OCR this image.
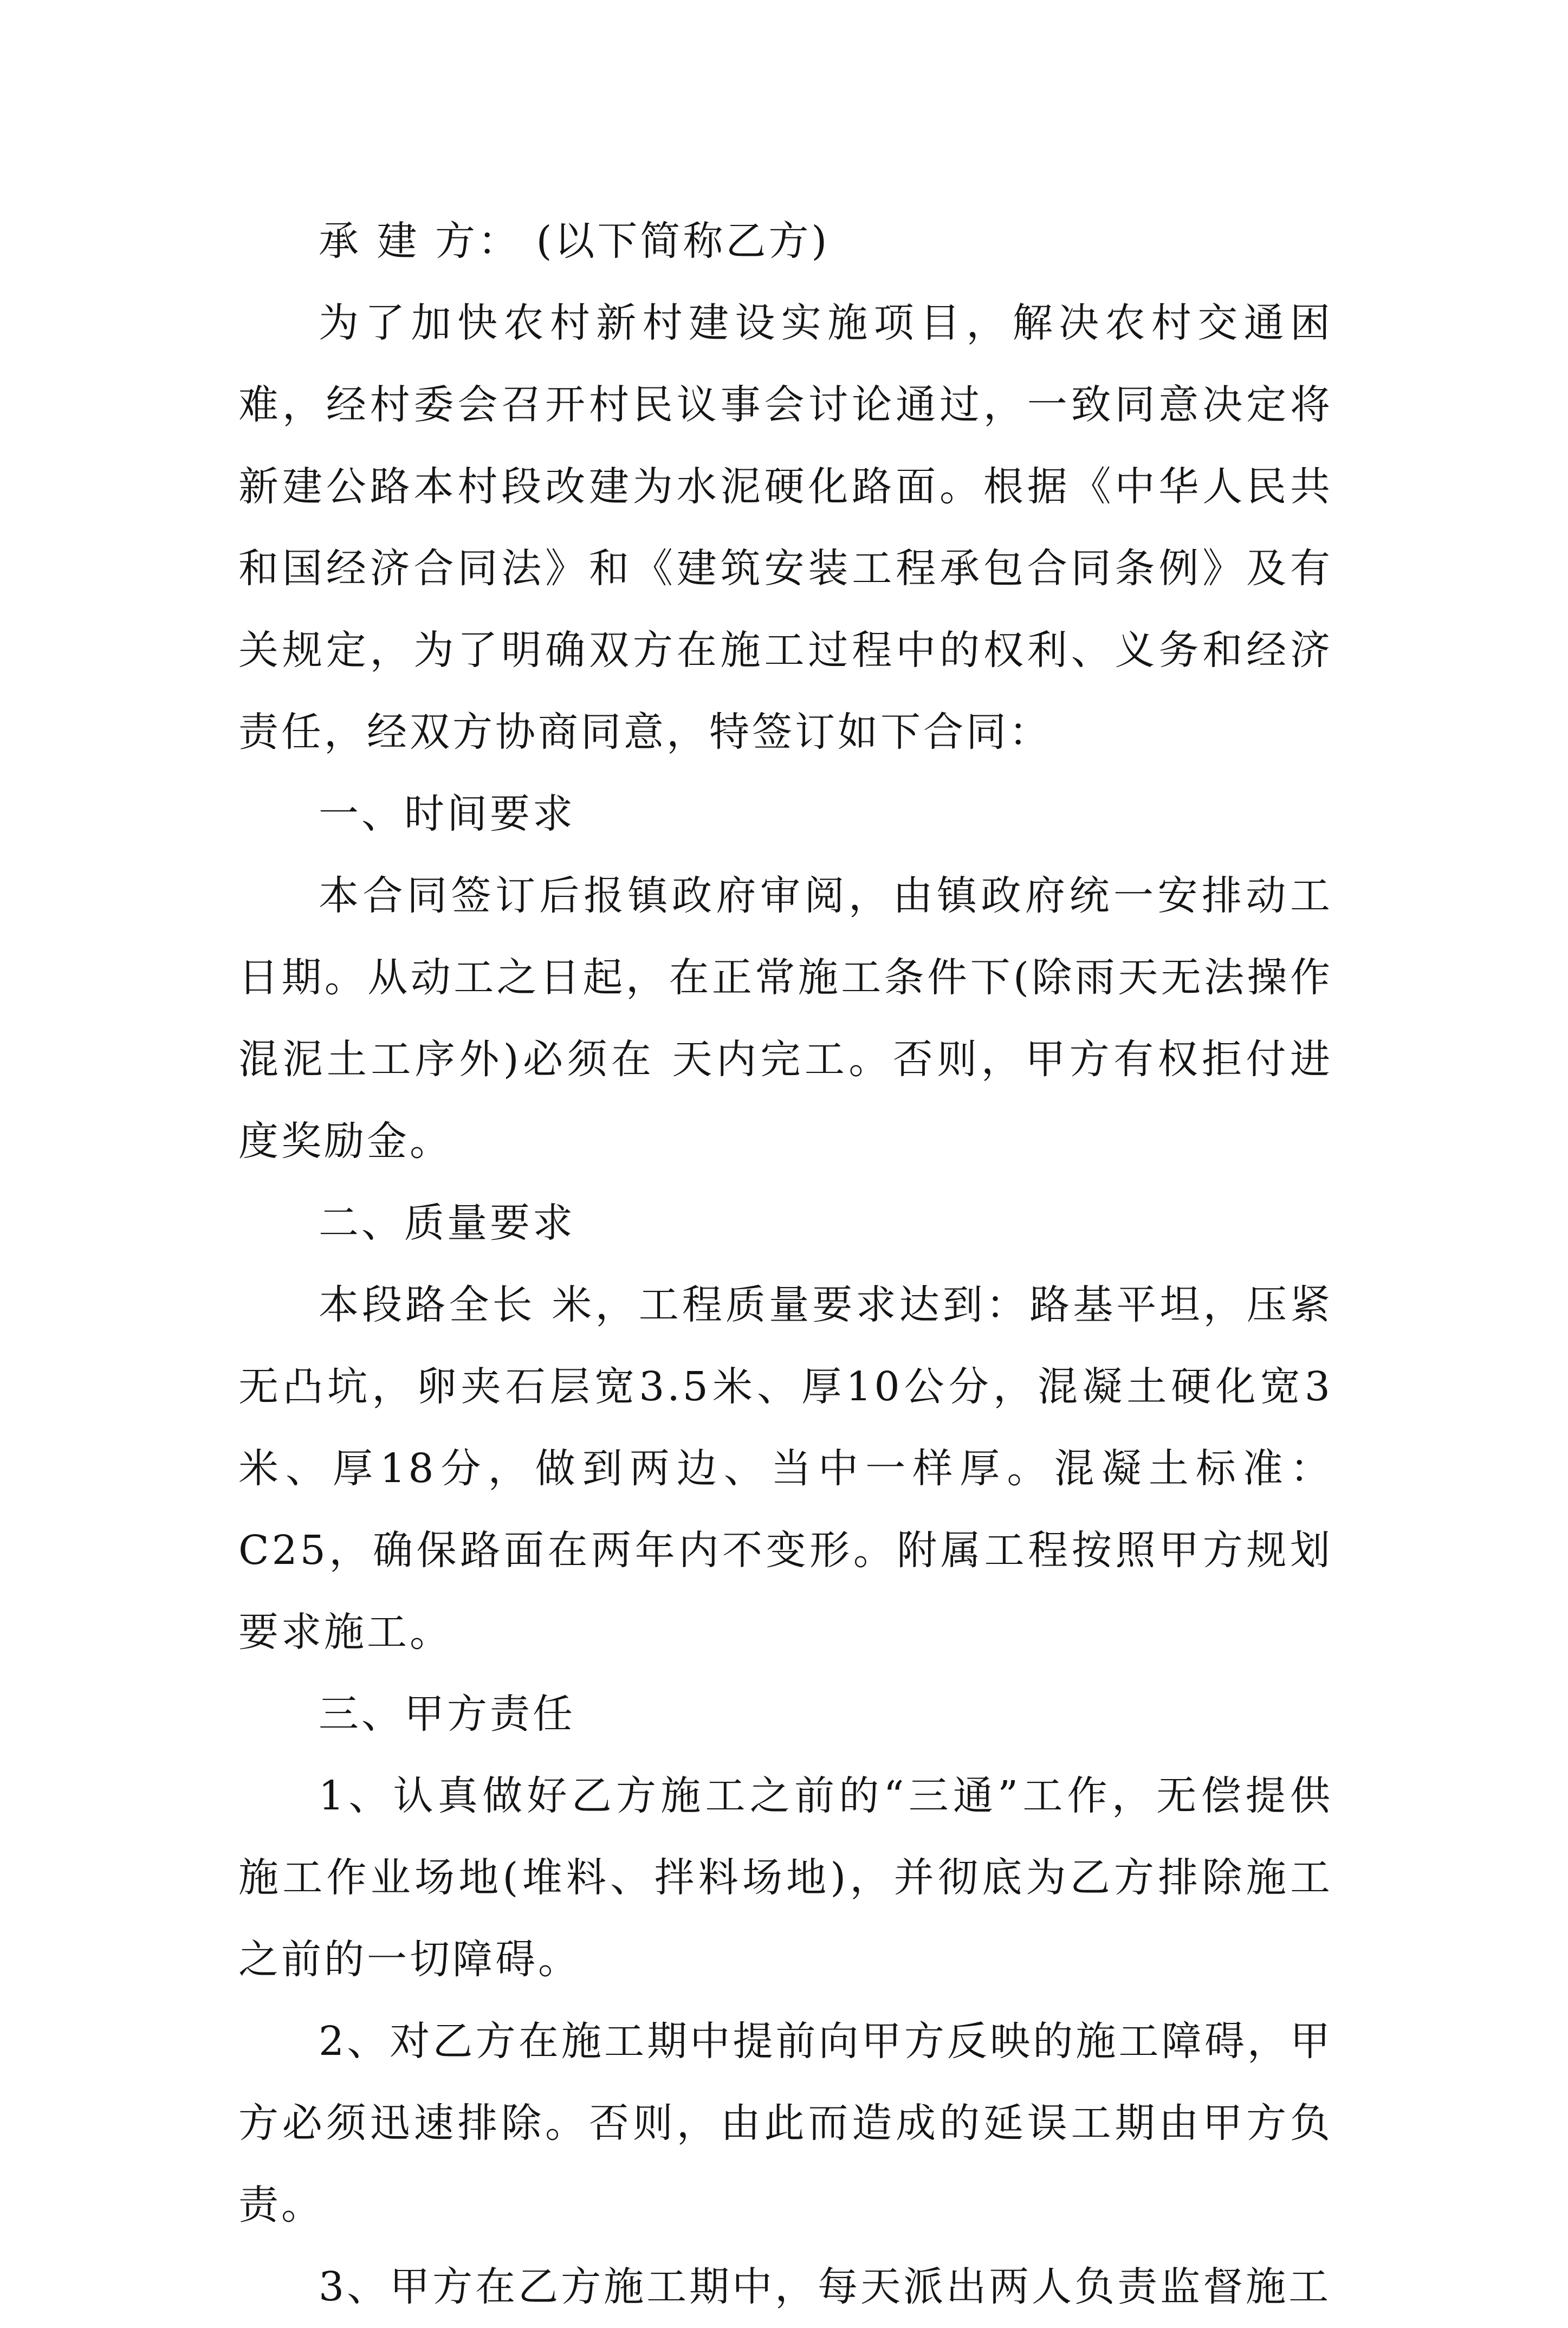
承 建 方： (以下简称乙方)

为了加快农村新村建设实施项目，解决农村交通困难，经村委会召开村民议事会讨论通过，一致同意决定将新建公路本村段改建为水泥硬化路面。根据《中华人民共和国经济合同法》和《建筑安装工程承包合同条例》及有关规定，为了明确双方在施工过程中的权利、义务和经济责任，经双方协商同意，特签订如下合同：

一、时间要求

本合同签订后报镇政府审阅，由镇政府统一安排动工日期。从动工之日起，在正常施工条件下(除雨天无法操作混泥土工序外)必须在 天内完工。否则，甲方有权拒付进度奖励金。

二、质量要求

本段路全长 米，工程质量要求达到：路基平坦，压紧无凸坑，卵夹石层宽3.5米、厚10公分，混凝土硬化宽3米、厚18分，做到两边、当中一样厚。混凝土标准：C25，确保路面在两年内不变形。附属工程按照甲方规划要求施工。

三、甲方责任

1、认真做好乙方施工之前的“三通”工作，无偿提供施工作业场地(堆料、拌料场地)，并彻底为乙方排除施工之前的一切障碍。

2、对乙方在施工期中提前向甲方反映的施工障碍，甲方必须迅速排除。否则，由此而造成的延误工期由甲方负责。

3、甲方在乙方施工期中，每天派出两人负责监督施工
